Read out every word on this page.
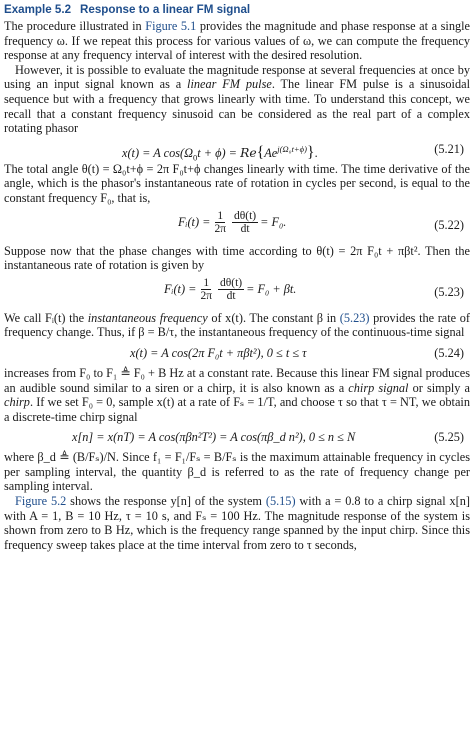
Example 5.2 Response to a linear FM signal

The procedure illustrated in Figure 5.1 provides the magnitude and phase response at a single frequency ω. If we repeat this process for various values of ω, we can compute the frequency response at any frequency interval of interest with the desired resolution.

However, it is possible to evaluate the magnitude response at several frequencies at once by using an input signal known as a linear FM pulse. The linear FM pulse is a sinusoidal sequence but with a frequency that grows linearly with time. To understand this concept, we recall that a constant frequency sinusoid can be considered as the real part of a complex rotating phasor

x(t) = A $\cos(\Omega_0t + \phi) = Re\{Ae^{j(\Omega_0t+\phi)}\}$.	(5.21)

The total angle θ(t) = Ω₀t+ϕ = 2π F₀t+ϕ changes linearly with time. The time derivative of the angle, which is the phasor's instantaneous rate of rotation in cycles per second, is equal to the constant frequency F₀, that is,

Fᵢ(t) = $\frac{1}{2\pi} \frac{d\theta(t)}{dt} = F_0$.	(5.22)

Suppose now that the phase changes with time according to θ(t) = 2π F₀t + πβt². Then the instantaneous rate of rotation is given by

Fᵢ(t) = $\frac{1}{2\pi} \frac{d\theta(t)}{dt} = F_0 + \beta t$.	(5.23)

We call Fᵢ(t) the instantaneous frequency of x(t). The constant β in (5.23) provides the rate of frequency change. Thus, if β = B/τ, the instantaneous frequency of the continuous-time signal

x(t) = A cos(2π F₀t + πβt²), 0 ≤ t ≤ τ	(5.24)

increases from F₀ to F₁ ≜ F₀ + B Hz at a constant rate. Because this linear FM signal produces an audible sound similar to a siren or a chirp, it is also known as a chirp signal or simply a chirp. If we set F₀ = 0, sample x(t) at a rate of Fₛ = 1/T, and choose τ so that τ = NT, we obtain a discrete-time chirp signal

x[n] = x(nT) = A cos(πβn²T²) = A cos(πβ_d n²), 0 ≤ n ≤ N	(5.25)

where β_d ≜ (B/Fₛ)/N. Since f₁ = F₁/Fₛ = B/Fₛ is the maximum attainable frequency in cycles per sampling interval, the quantity β_d is referred to as the rate of frequency change per sampling interval.

Figure 5.2 shows the response y[n] of the system (5.15) with a = 0.8 to a chirp signal x[n] with A = 1, B = 10 Hz, τ = 10 s, and Fₛ = 100 Hz. The magnitude response of the system is shown from zero to B Hz, which is the frequency range spanned by the input chirp. Since this frequency sweep takes place at the time interval from zero to τ seconds,
